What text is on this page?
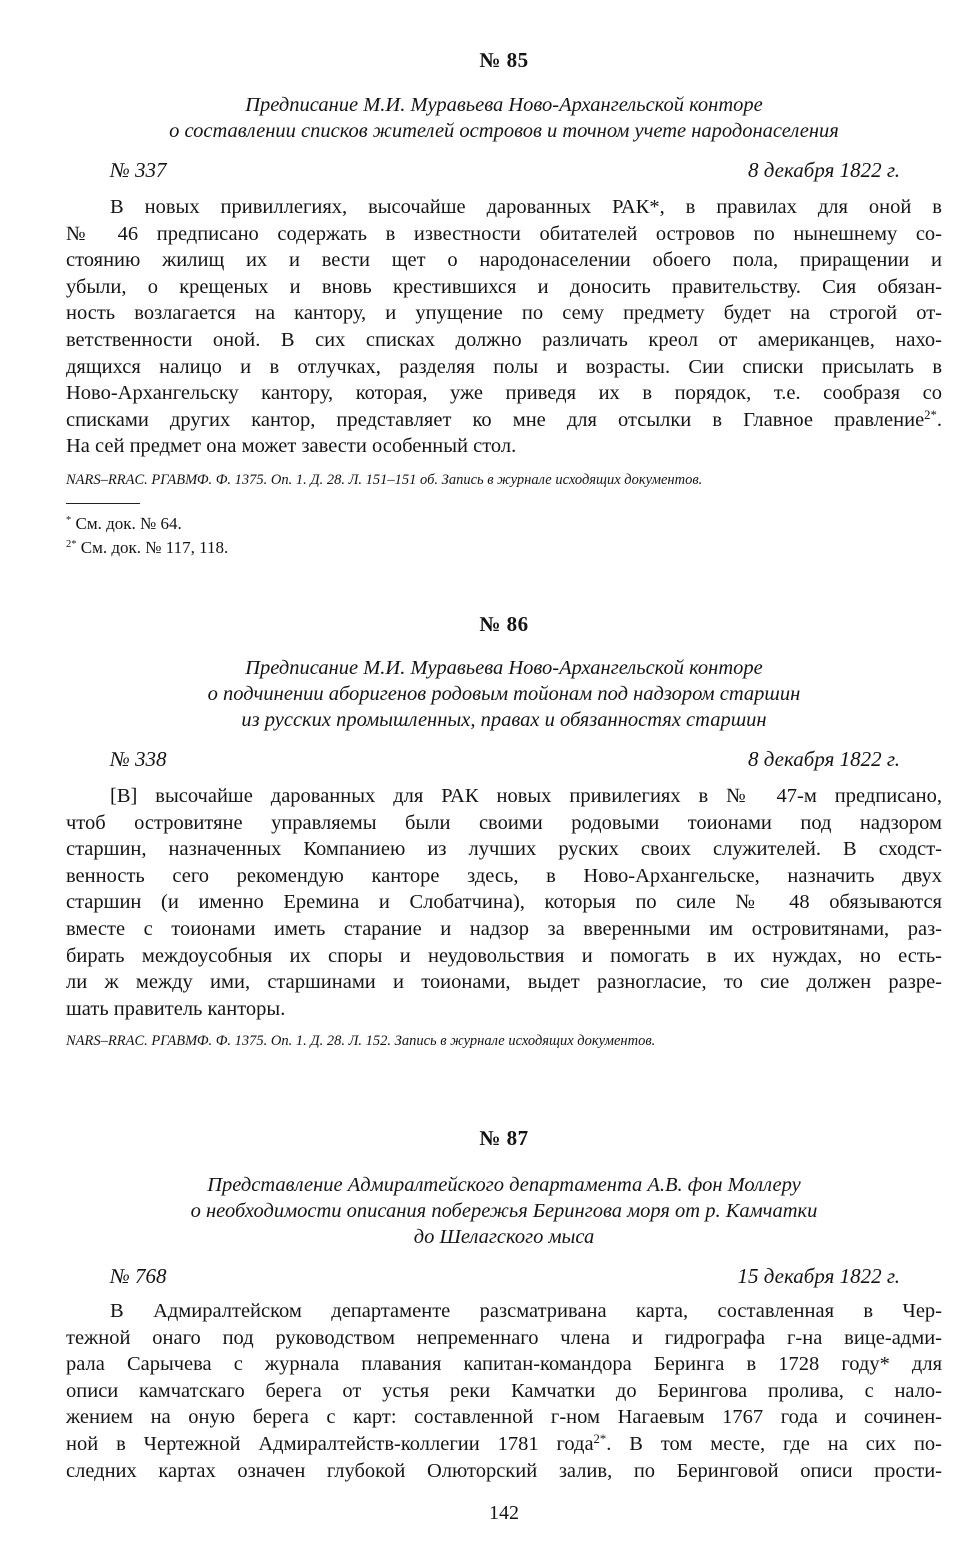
№ 85
Предписание М.И. Муравьева Ново-Архангельской конторе
о составлении списков жителей островов и точном учете народонаселения
№ 337	8 декабря 1822 г.
В новых привиллегиях, высочайше дарованных РАК*, в правилах для оной в
№ 46 предписано содержать в известности обитателей островов по нынешнему со-
стоянию жилищ их и вести щет о народонаселении обоего пола, приращении и
убыли, о крещеных и вновь крестившихся и доносить правительству. Сия обязан-
ность возлагается на кантору, и упущение по сему предмету будет на строгой от-
ветственности оной. В сих списках должно различать креол от американцев, нахо-
дящихся налицо и в отлучках, разделяя полы и возрасты. Сии списки присылать в
Ново-Архангельску кантору, которая, уже приведя их в порядок, т.е. сообразя со
списками других кантор, представляет ко мне для отсылки в Главное правление$^{2*}$.
На сей предмет она может завести особенный стол.
NARS–RRAC. РГАВМФ. Ф. 1375. Оп. 1. Д. 28. Л. 151–151 об. Запись в журнале исходящих документов.
* См. док. № 64.
$^{2*}$ См. док. № 117, 118.
№ 86
Предписание М.И. Муравьева Ново-Архангельской конторе
о подчинении аборигенов родовым тойонам под надзором старшин
из русских промышленных, правах и обязанностях старшин
№ 338	8 декабря 1822 г.
[В] высочайше дарованных для РАК новых привилегиях в № 47-м предписано,
чтоб островитяне управляемы были своими родовыми тоионами под надзором
старшин, назначенных Компаниею из лучших руских своих служителей. В сходст-
венность сего рекомендую канторе здесь, в Ново-Архангельске, назначить двух
старшин (и именно Еремина и Слобатчина), которыя по силе № 48 обязываются
вместе с тоионами иметь старание и надзор за вверенными им островитянами, раз-
бирать междоусобныя их споры и неудовольствия и помогать в их нуждах, но есть-
ли ж между ими, старшинами и тоионами, выдет разногласие, то сие должен разре-
шать правитель канторы.
NARS–RRAC. РГАВМФ. Ф. 1375. Оп. 1. Д. 28. Л. 152. Запись в журнале исходящих документов.
№ 87
Представление Адмиралтейского департамента А.В. фон Моллеру
о необходимости описания побережья Берингова моря от р. Камчатки
до Шелагского мыса
№ 768	15 декабря 1822 г.
В Адмиралтейском департаменте разсматривана карта, составленная в Чер-
тежной онаго под руководством непременнаго члена и гидрографа г-на вице-адми-
рала Сарычева с журнала плавания капитан-командора Беринга в 1728 году* для
описи камчатскаго берега от устья реки Камчатки до Берингова пролива, с нало-
жением на оную берега с карт: составленной г-ном Нагаевым 1767 года и сочинен-
ной в Чертежной Адмиралтейств-коллегии 1781 года$^{2*}$. В том месте, где на сих по-
следних картах означен глубокой Олюторский залив, по Беринговой описи прости-
142
